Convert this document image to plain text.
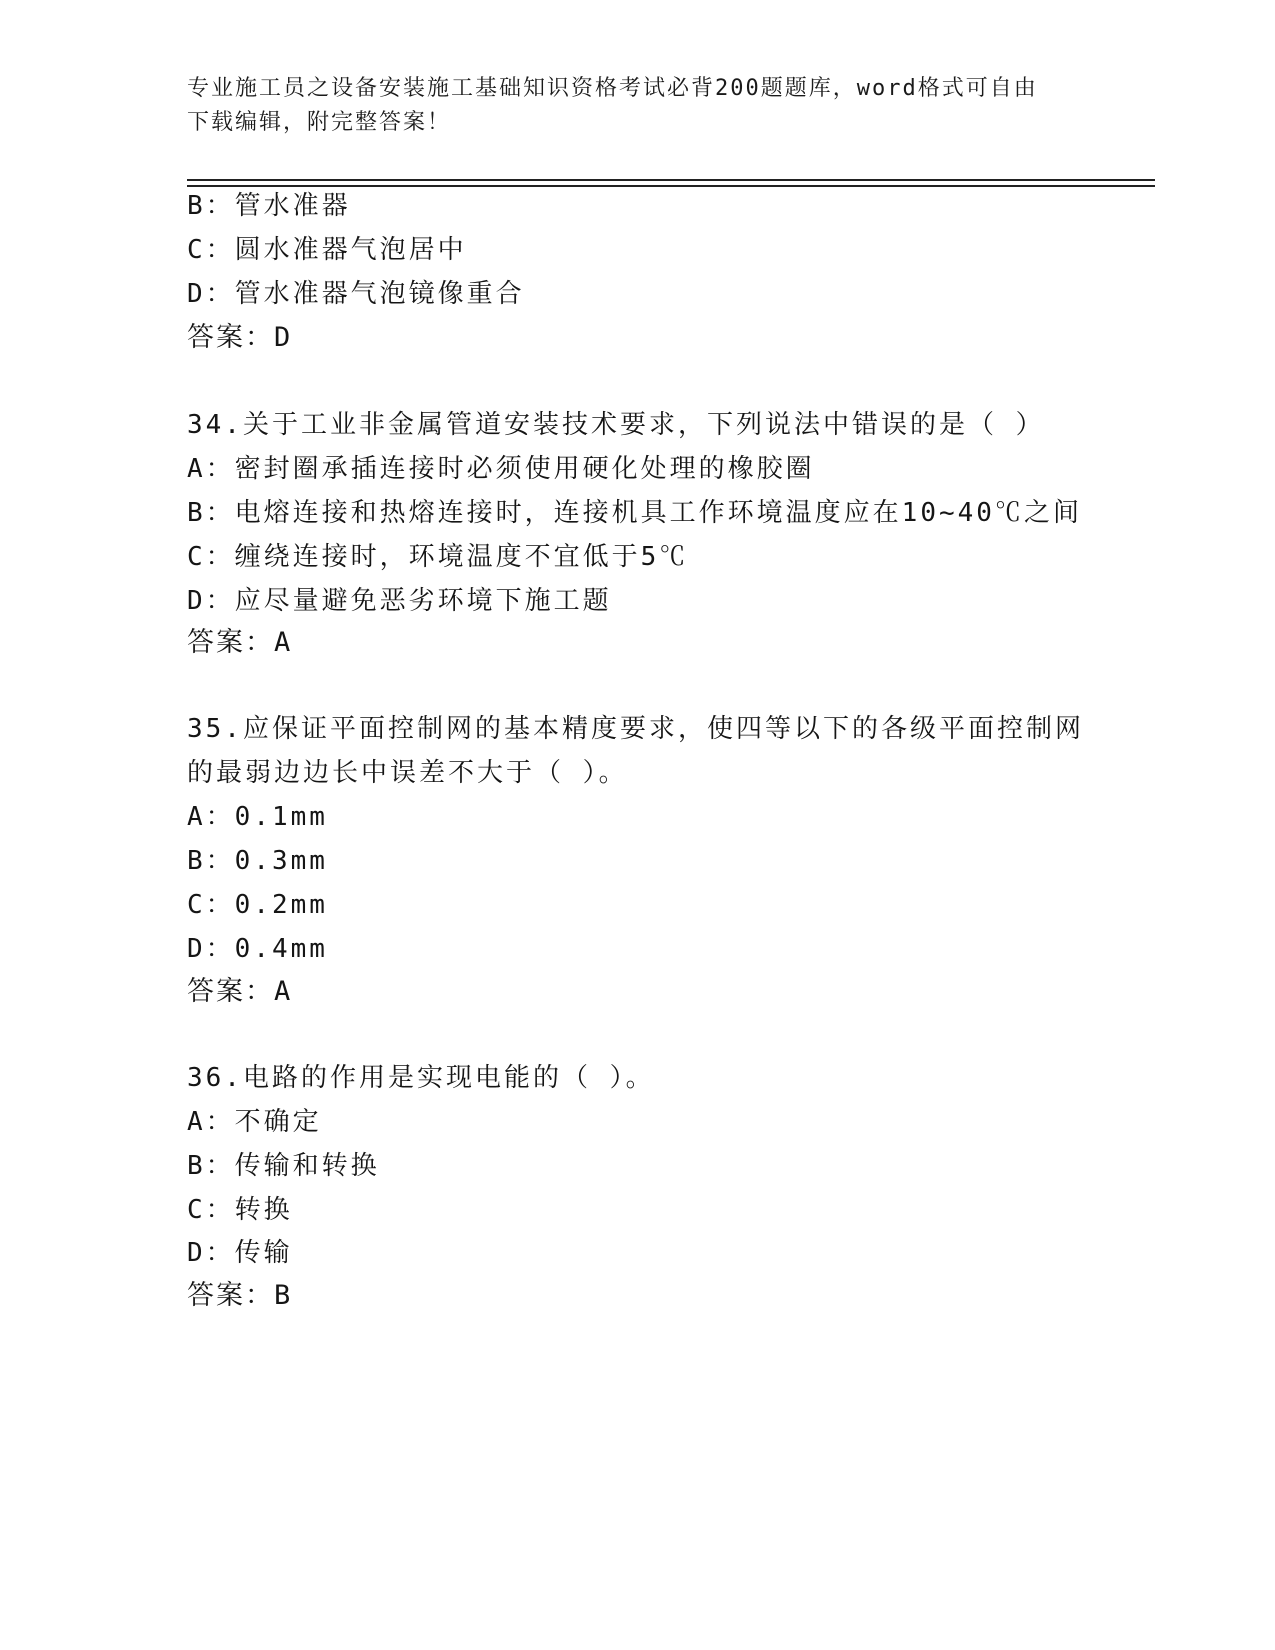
专业施工员之设备安装施工基础知识资格考试必背200题题库，word格式可自由
下载编辑，附完整答案！
B：管水准器
C：圆水准器气泡居中
D：管水准器气泡镜像重合
答案：D
34.关于工业非金属管道安装技术要求，下列说法中错误的是（ ）
A：密封圈承插连接时必须使用硬化处理的橡胶圈
B：电熔连接和热熔连接时，连接机具工作环境温度应在10~40℃之间
C：缠绕连接时，环境温度不宜低于5℃
D：应尽量避免恶劣环境下施工题
答案：A
35.应保证平面控制网的基本精度要求，使四等以下的各级平面控制网
的最弱边边长中误差不大于（ ）。
A：0.1mm
B：0.3mm
C：0.2mm
D：0.4mm
答案：A
36.电路的作用是实现电能的（ ）。
A：不确定
B：传输和转换
C：转换
D：传输
答案：B
